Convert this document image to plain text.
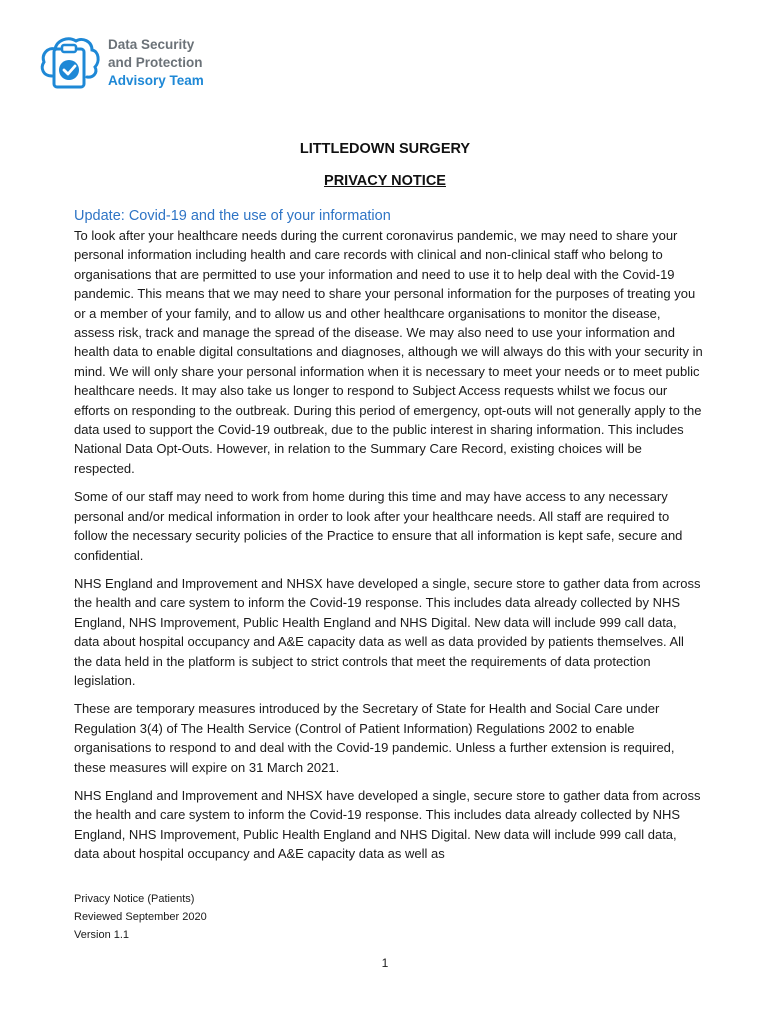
Data Security
and Protection
Advisory Team
LITTLEDOWN SURGERY
PRIVACY NOTICE
Update: Covid-19 and the use of your information

To look after your healthcare needs during the current coronavirus pandemic, we may need to share your personal information including health and care records with clinical and non-clinical staff who belong to organisations that are permitted to use your information and need to use it to help deal with the Covid-19 pandemic. This means that we may need to share your personal information for the purposes of treating you or a member of your family, and to allow us and other healthcare organisations to monitor the disease, assess risk, track and manage the spread of the disease. We may also need to use your information and health data to enable digital consultations and diagnoses, although we will always do this with your security in mind. We will only share your personal information when it is necessary to meet your needs or to meet public healthcare needs. It may also take us longer to respond to Subject Access requests whilst we focus our efforts on responding to the outbreak. During this period of emergency, opt-outs will not generally apply to the data used to support the Covid-19 outbreak, due to the public interest in sharing information. This includes National Data Opt-Outs. However, in relation to the Summary Care Record, existing choices will be respected.

Some of our staff may need to work from home during this time and may have access to any necessary personal and/or medical information in order to look after your healthcare needs. All staff are required to follow the necessary security policies of the Practice to ensure that all information is kept safe, secure and confidential.

NHS England and Improvement and NHSX have developed a single, secure store to gather data from across the health and care system to inform the Covid-19 response. This includes data already collected by NHS England, NHS Improvement, Public Health England and NHS Digital. New data will include 999 call data, data about hospital occupancy and A&E capacity data as well as data provided by patients themselves. All the data held in the platform is subject to strict controls that meet the requirements of data protection legislation.

These are temporary measures introduced by the Secretary of State for Health and Social Care under Regulation 3(4) of The Health Service (Control of Patient Information) Regulations 2002 to enable organisations to respond to and deal with the Covid-19 pandemic. Unless a further extension is required, these measures will expire on 31 March 2021.

NHS England and Improvement and NHSX have developed a single, secure store to gather data from across the health and care system to inform the Covid-19 response. This includes data already collected by NHS England, NHS Improvement, Public Health England and NHS Digital. New data will include 999 call data, data about hospital occupancy and A&E capacity data as well as

Privacy Notice (Patients)
Reviewed September 2020
Version 1.1
1
